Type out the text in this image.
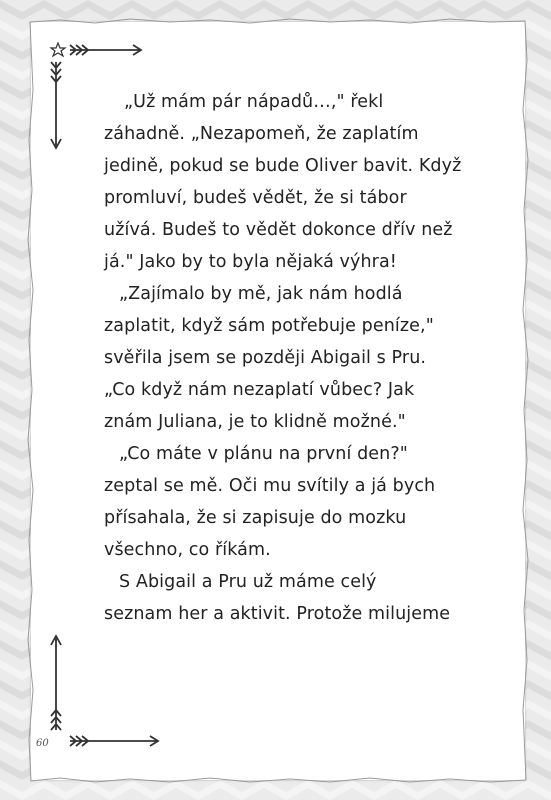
„Už mám pár nápadů…," řekl

záhadně. „Nezapomeň, že zaplatím

jedině, pokud se bude Oliver bavit. Když

promluví, budeš vědět, že si tábor

užívá. Budeš to vědět dokonce dřív než

já." Jako by to byla nějaká výhra!

„Zajímalo by mě, jak nám hodlá

zaplatit, když sám potřebuje peníze,"

svěřila jsem se později Abigail s Pru.

„Co když nám nezaplatí vůbec? Jak

znám Juliana, je to klidně možné."

„Co máte v plánu na první den?"

zeptal se mě. Oči mu svítily a já bych

přísahala, že si zapisuje do mozku

všechno, co říkám.

S Abigail a Pru už máme celý

seznam her a aktivit. Protože milujeme

60
